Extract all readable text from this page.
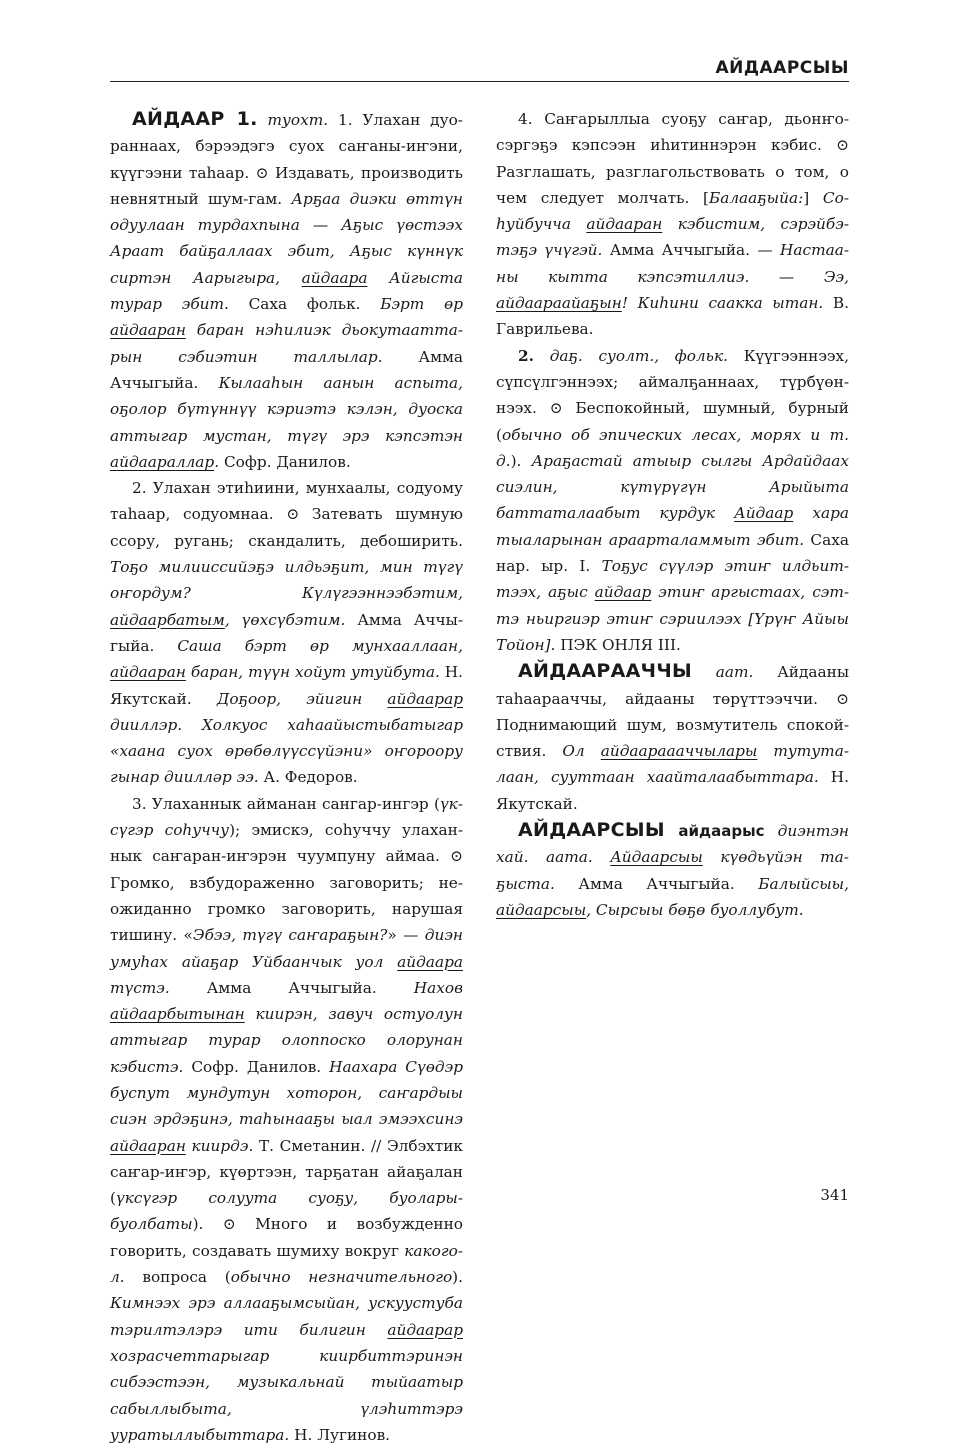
АЙДААРСЫЫ

АЙДААР 1. туохт. 1. Улахан дуораннаах, бэрээдэгэ суох саҥаны-иҥэни, күүгээни таһаар. ⊙ Издавать, производить невнятный шум-гам. Арҕаа диэки өттүн одуулаан турдахпына — Аҕыс үөстээх Араат байҕаллаах эбит, Аҕыс күннүк сиртэн Аарыгыра, айдаара Айгыста турар эбит. Саха фольк. Бэрт өр айдааран баран нэһилиэк дьокутааттарын сэбиэтин таллылар. Амма Аччыгыйа. Кылааһын аанын аспыта, оҕолор бүтүннүү кэриэтэ кэлэн, дуоска аттыгар мустан, түгү эрэ кэпсэтэн айдаараллар. Софр. Данилов.

2. Улахан этиһиини, мунхаалы, содуому таһаар, содуомнаа. ⊙ Затевать шумную ссору, ругань; скандалить, дебоширить. Тоҕо милииссийэҕэ илдьэҕит, мин түгү оҥордум? Күлүгээннээбэтим, айдаарбатым, үөхсүбэтим. Амма Аччыгыйа. Саша бэрт өр мунхааллаан, айдааран баран, түүн хойут утуйбута. Н. Якутскай. Доҕоор, эйигин айдаарар дииллэр. Холкуос хаһаайыстыбатыгар «хаана суох өрөбөлүүссүйэни» оҥороору гынар диилләр ээ. А. Федоров.

3. Улаханнык айманан сангар-ингэр (үксүгэр соһуччу); эмискэ, соһуччу улаханнык саҥаран-иҥэрэн чуумпуну аймаа. ⊙ Громко, взбудораженно заговорить; неожиданно громко заговорить, нарушая тишину. «Эбээ, түгү саҥараҕын?» — диэн умуһах айаҕар Уйбаанчык уол айдаара түстэ. Амма Аччыгыйа. Нахов айдаарбытынан киирэн, завуч остуолун аттыгар турар олоппоско олорунан кэбистэ. Софр. Данилов. Наахара Сүөдэр буспут мундутун хоторон, саҥардыы сиэн эрдэҕинэ, таһынааҕы ыал эмээхсинэ айдааран киирдэ. Т. Сметанин. // Элбэхтик саҥар-иҥэр, күөртээн, тарҕатан айаҕалан (үксүгэр солуута суоҕу, буолары-буолбаты). ⊙ Много и возбужденно говорить, создавать шумиху вокруг какого-л. вопроса (обычно незначительного). Кимнээх эрэ аллааҕымсыйан, ускуустуба тэрилтэлэрэ ити билигин айдаарар хозрасчеттарыгар киирбиттэринэн сибээстээн, музыкальнай тыйаатыр сабыллыбыта, үлэһиттэрэ ууратыллыбыттара. Н. Лугинов.

4. Саҥарыллыа суоҕу саҥар, дьонҥосэргэҕэ кэпсээн иһитиннэрэн кэбис. ⊙ Разглашать, разглагольствовать о том, о чем следует молчать. [Балааҕыйа:] Соһуйбучча айдааран кэбистим, сэрэйбэтэҕэ үчүгэй. Амма Аччыгыйа. — Настааны кытта кэпсэтиллиэ. — Ээ, айдаараайаҕын! Киһини саакка ытан. В. Гаврильева.

2. даҕ. суолт., фольк. Күүгээннээх, сүпсүлгэннээх; аймалҕаннаах, түрбүөннээх. ⊙ Беспокойный, шумный, бурный (обычно об эпических лесах, морях и т. д.). Араҕастай атыыр сылгы Ардайдаах сиэлин, күтүрүгүн Арыйыта баттаталаабыт курдук Айдаар хара тыаларынан араарталаммыт эбит. Саха нар. ыр. I. Тоҕус сүүлэр этиҥ илдьиттээх, аҕыс айдаар этиҥ аргыстаах, сэттэ ньиргиэр этиҥ сэриилээх [Үрүҥ Айыы Тойон]. ПЭК ОНЛЯ III.

АЙДААРААЧЧЫ аат. Айдааны таһаарааччы, айдааны төрүттээччи. ⊙ Поднимающий шум, возмутитель спокойствия. Ол айдаараааччылары тутуталаан, сууттаан хаайталаабыттара. Н. Якутскай.

АЙДААРСЫЫ айдаарыс диэнтэн хай. аата. Айдаарсыы күөдьүйэн таҕыста. Амма Аччыгыйа. Балыйсыы, айдаарсыы, Сырсыы бөҕө буоллубут.

341
